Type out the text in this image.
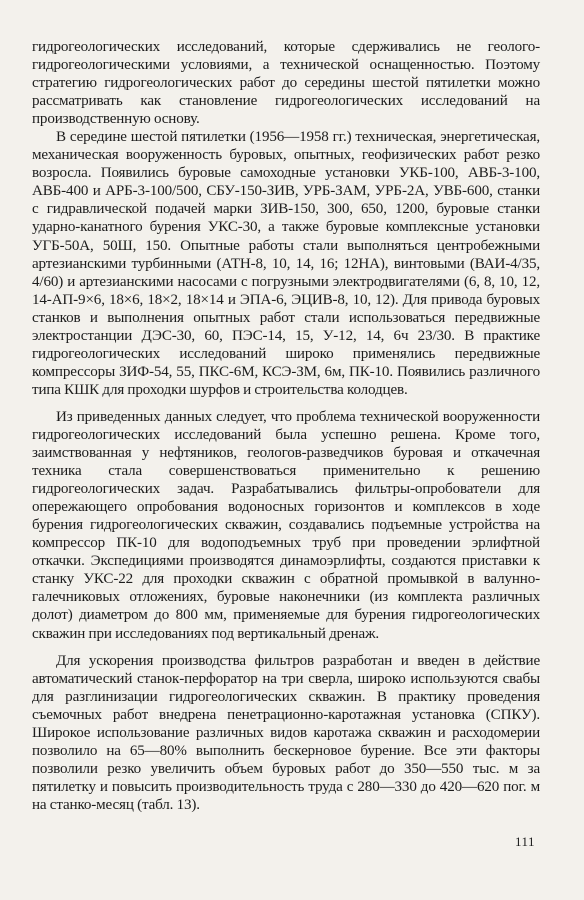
гидрогеологических исследований, которые сдерживались не геолого-гидрогеологическими условиями, а технической оснащенностью. Поэтому стратегию гидрогеологических работ до середины шестой пятилетки можно рассматривать как становление гидрогеологических исследований на производственную основу.

В середине шестой пятилетки (1956—1958 гг.) техническая, энергетическая, механическая вооруженность буровых, опытных, геофизических работ резко возросла. Появились буровые самоходные установки УКБ-100, АВБ-3-100, АВБ-400 и АРБ-3-100/500, СБУ-150-ЗИВ, УРБ-ЗАМ, УРБ-2А, УВБ-600, станки с гидравлической подачей марки ЗИВ-150, 300, 650, 1200, буровые станки ударно-канатного бурения УКС-30, а также буровые комплексные установки УГБ-50А, 50Ш, 150. Опытные работы стали выполняться центробежными артезианскими турбинными (АТН-8, 10, 14, 16; 12НА), винтовыми (ВАИ-4/35, 4/60) и артезианскими насосами с погрузными электродвигателями (6, 8, 10, 12, 14-АП-9×6, 18×6, 18×2, 18×14 и ЭПА-6, ЭЦИВ-8, 10, 12). Для привода буровых станков и выполнения опытных работ стали использоваться передвижные электростанции ДЭС-30, 60, ПЭС-14, 15, У-12, 14, 6ч 23/30. В практике гидрогеологических исследований широко применялись передвижные компрессоры ЗИФ-54, 55, ПКС-6М, КСЭ-ЗМ, 6м, ПК-10. Появились различного типа КШК для проходки шурфов и строительства колодцев.

Из приведенных данных следует, что проблема технической вооруженности гидрогеологических исследований была успешно решена. Кроме того, заимствованная у нефтяников, геологов-разведчиков буровая и откачечная техника стала совершенствоваться применительно к решению гидрогеологических задач. Разрабатывались фильтры-опробователи для опережающего опробования водоносных горизонтов и комплексов в ходе бурения гидрогеологических скважин, создавались подъемные устройства на компрессор ПК-10 для водоподъемных труб при проведении эрлифтной откачки. Экспедициями производятся динамоэрлифты, создаются приставки к станку УКС-22 для проходки скважин с обратной промывкой в валунно-галечниковых отложениях, буровые наконечники (из комплекта различных долот) диаметром до 800 мм, применяемые для бурения гидрогеологических скважин при исследованиях под вертикальный дренаж.

Для ускорения производства фильтров разработан и введен в действие автоматический станок-перфоратор на три сверла, широко используются свабы для разглинизации гидрогеологических скважин. В практику проведения съемочных работ внедрена пенетрационно-каротажная установка (СПКУ). Широкое использование различных видов каротажа скважин и расходомерии позволило на 65—80% выполнить бескерновое бурение. Все эти факторы позволили резко увеличить объем буровых работ до 350—550 тыс. м за пятилетку и повысить производительность труда с 280—330 до 420—620 пог. м на станко-месяц (табл. 13).

111
